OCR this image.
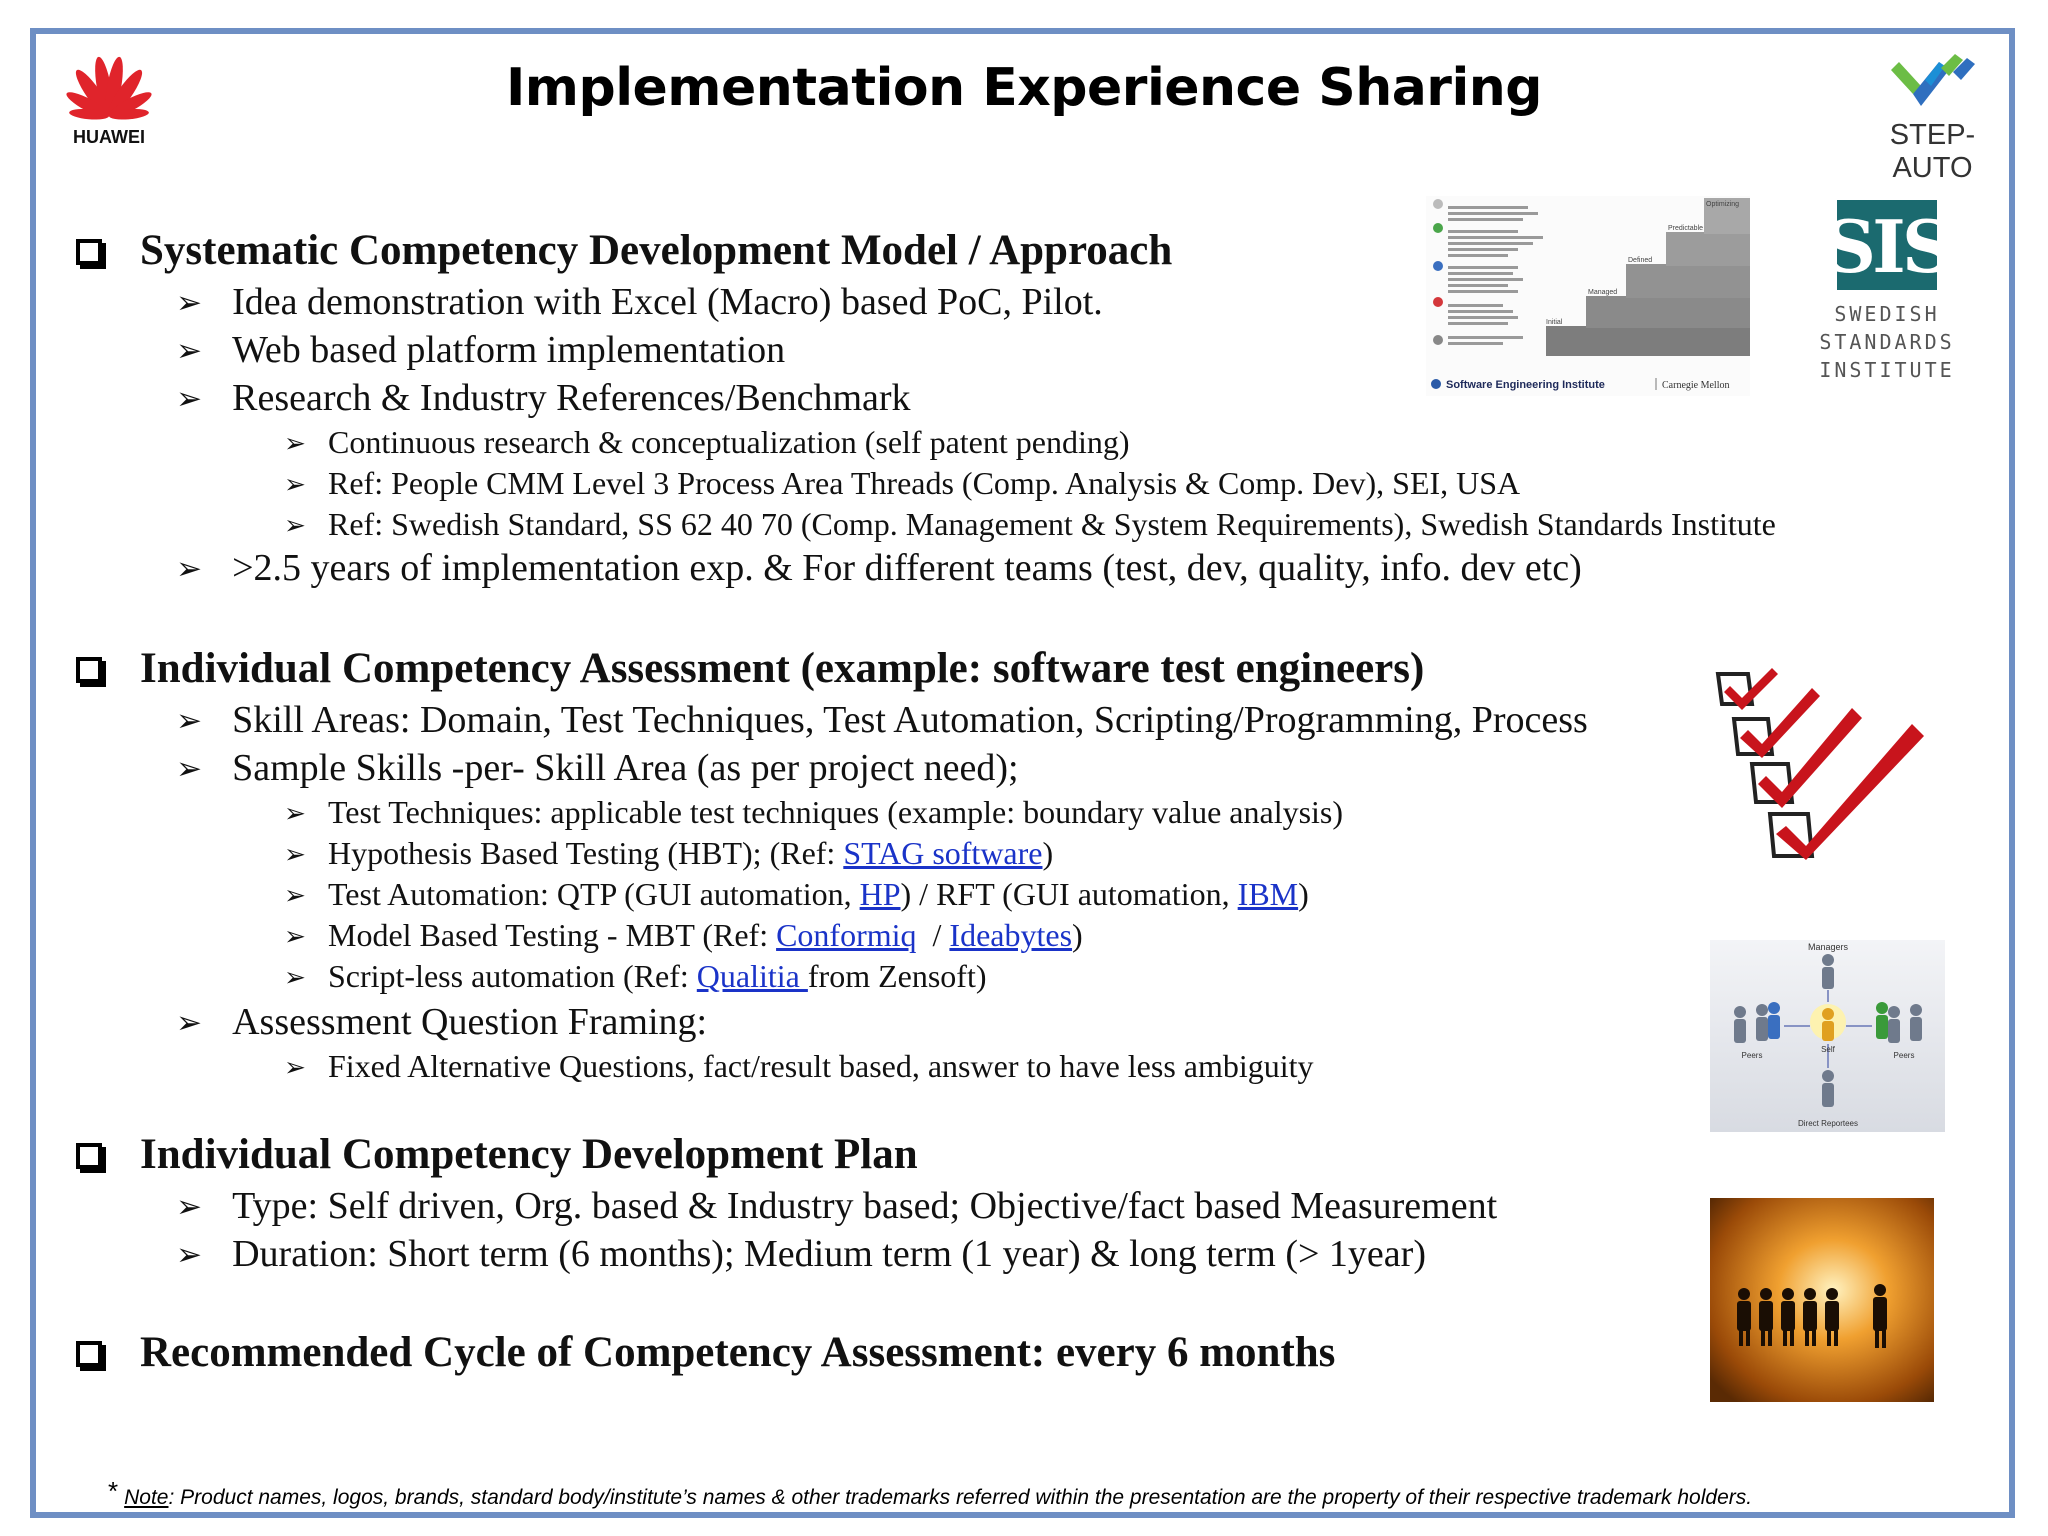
HUAWEI
Implementation Experience Sharing
STEP-AUTO
Systematic Competency Development Model / Approach
➢ Idea demonstration with Excel (Macro) based PoC, Pilot.
➢ Web based platform implementation
➢ Research & Industry References/Benchmark
➢ Continuous research & conceptualization (self patent pending)
➢ Ref: People CMM Level 3 Process Area Threads (Comp. Analysis & Comp. Dev), SEI, USA
➢ Ref: Swedish Standard, SS 62 40 70 (Comp. Management & System Requirements), Swedish Standards Institute
➢ >2.5 years of implementation exp. & For different teams (test, dev, quality, info. dev etc)
Individual Competency Assessment (example: software test engineers)
➢ Skill Areas: Domain, Test Techniques, Test Automation, Scripting/Programming, Process
➢ Sample Skills -per- Skill Area (as per project need);
➢ Test Techniques: applicable test techniques (example: boundary value analysis)
➢ Hypothesis Based Testing (HBT); (Ref: STAG software)
➢ Test Automation: QTP (GUI automation, HP) / RFT (GUI automation, IBM)
➢ Model Based Testing - MBT (Ref: Conformiq  / Ideabytes)
➢ Script-less automation (Ref: Qualitia from Zensoft)
➢ Assessment Question Framing:
➢ Fixed Alternative Questions, fact/result based, answer to have less ambiguity
Individual Competency Development Plan
➢ Type: Self driven, Org. based & Industry based; Objective/fact based Measurement
➢ Duration: Short term (6 months); Medium term (1 year) & long term (> 1year)
Recommended Cycle of Competency Assessment: every 6 months
Initial
Managed
Defined
Predictable
Optimizing
Software Engineering Institute	Carnegie Mellon
SIS
SWEDISH
STANDARDS
INSTITUTE
Managers
Self
Peers	Peers
Direct Reportees
* Note: Product names, logos, brands, standard body/institute’s names & other trademarks referred within the presentation are the property of their respective trademark holders.
